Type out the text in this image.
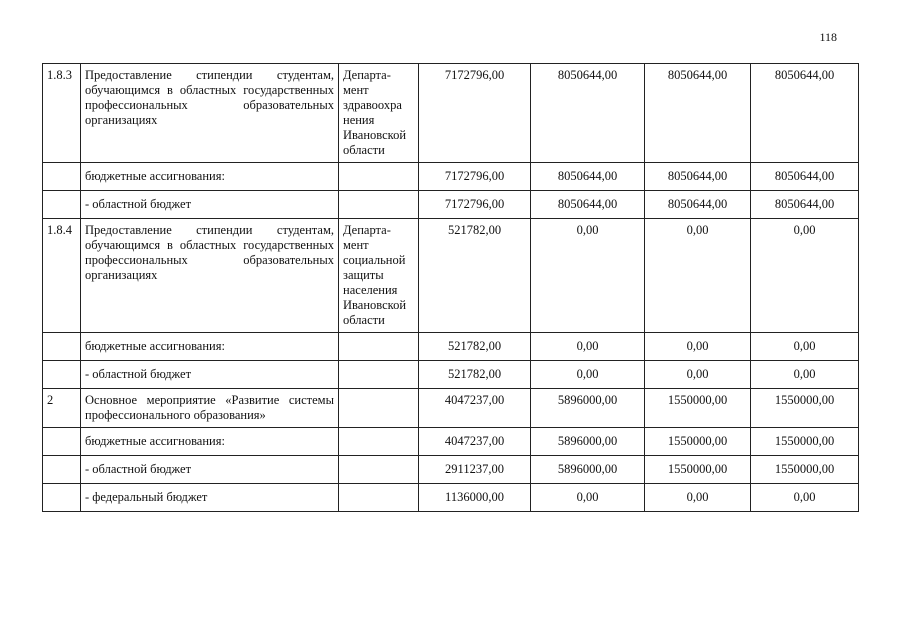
118
1.8.3	Предоставление стипендии студентам, обучающимся в областных государственных профессиональных образовательных организациях	Департа-мент здравоохра нения Ивановской области	7172796,00	8050644,00	8050644,00	8050644,00
	бюджетные ассигнования:		7172796,00	8050644,00	8050644,00	8050644,00
	- областной бюджет		7172796,00	8050644,00	8050644,00	8050644,00
1.8.4	Предоставление стипендии студентам, обучающимся в областных государственных профессиональных образовательных организациях	Департа-мент социальной защиты населения Ивановской области	521782,00	0,00	0,00	0,00
	бюджетные ассигнования:		521782,00	0,00	0,00	0,00
	- областной бюджет		521782,00	0,00	0,00	0,00
2	Основное мероприятие «Развитие системы профессионального образования»		4047237,00	5896000,00	1550000,00	1550000,00
	бюджетные ассигнования:		4047237,00	5896000,00	1550000,00	1550000,00
	- областной бюджет		2911237,00	5896000,00	1550000,00	1550000,00
	- федеральный бюджет		1136000,00	0,00	0,00	0,00
